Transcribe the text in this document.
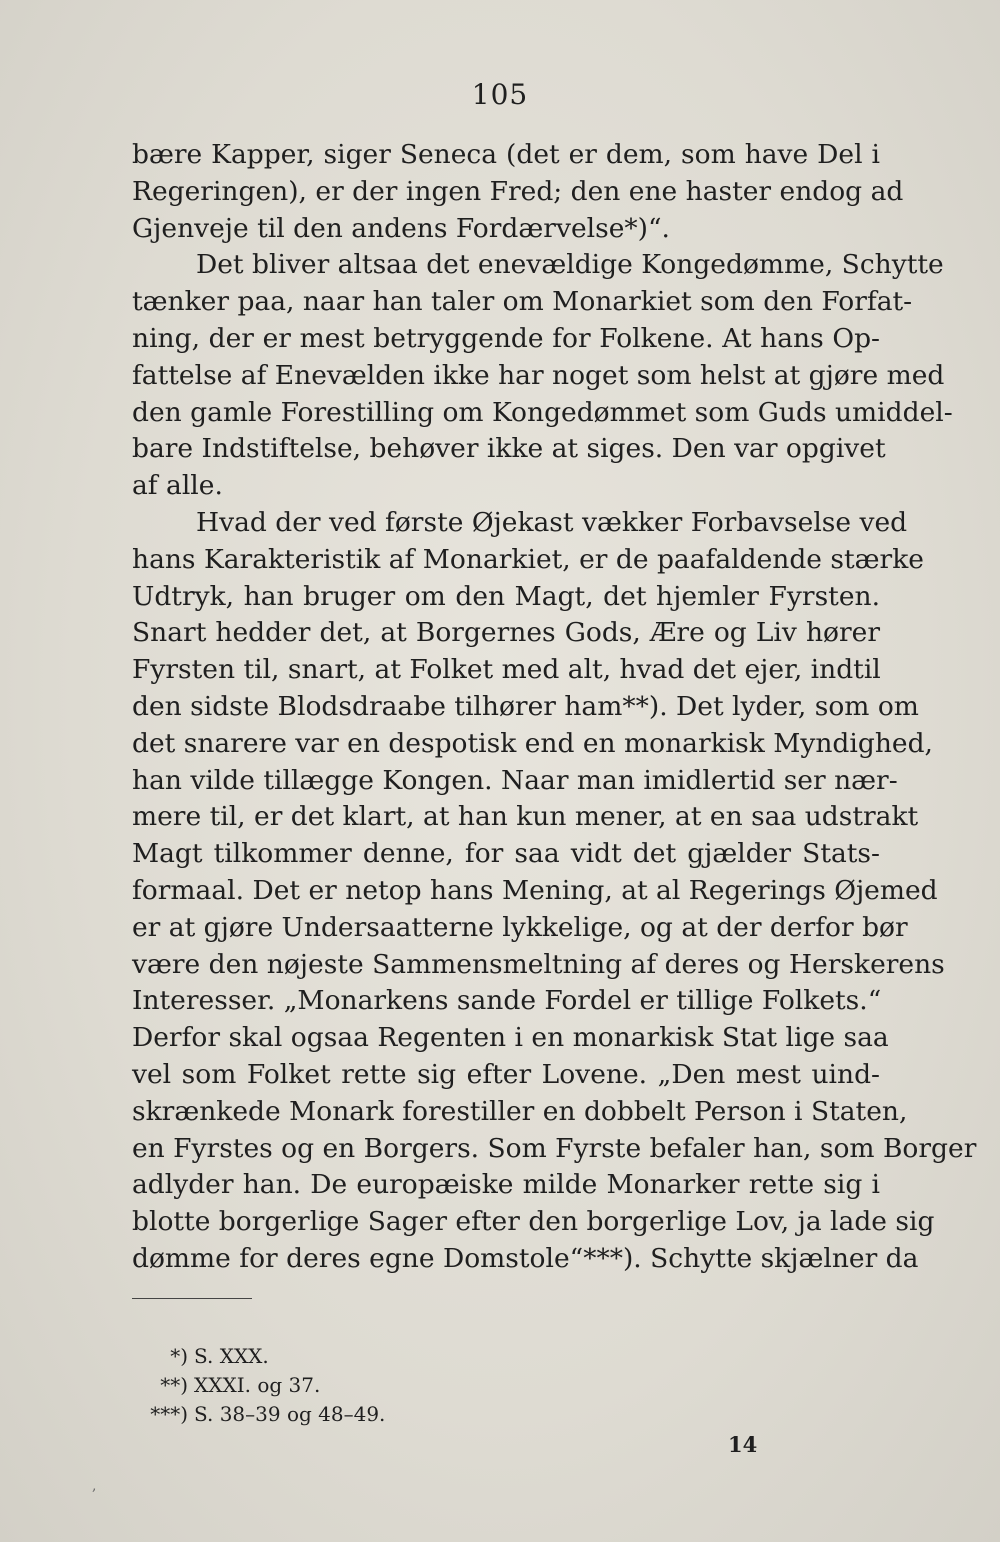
105
bære Kapper, siger Seneca (det er dem, som have Del i
Regeringen), er der ingen Fred; den ene haster endog ad
Gjenveje til den andens Fordærvelse*)“.
Det bliver altsaa det enevældige Kongedømme, Schytte
tænker paa, naar han taler om Monarkiet som den Forfat-
ning, der er mest betryggende for Folkene. At hans Op-
fattelse af Enevælden ikke har noget som helst at gjøre med
den gamle Forestilling om Kongedømmet som Guds umiddel-
bare Indstiftelse, behøver ikke at siges. Den var opgivet
af alle.
Hvad der ved første Øjekast vækker Forbavselse ved
hans Karakteristik af Monarkiet, er de paafaldende stærke
Udtryk, han bruger om den Magt, det hjemler Fyrsten.
Snart hedder det, at Borgernes Gods, Ære og Liv hører
Fyrsten til, snart, at Folket med alt, hvad det ejer, indtil
den sidste Blodsdraabe tilhører ham**). Det lyder, som om
det snarere var en despotisk end en monarkisk Myndighed,
han vilde tillægge Kongen. Naar man imidlertid ser nær-
mere til, er det klart, at han kun mener, at en saa udstrakt
Magt tilkommer denne, for saa vidt det gjælder Stats-
formaal. Det er netop hans Mening, at al Regerings Øjemed
er at gjøre Undersaatterne lykkelige, og at der derfor bør
være den nøjeste Sammensmeltning af deres og Herskerens
Interesser. „Monarkens sande Fordel er tillige Folkets.“
Derfor skal ogsaa Regenten i en monarkisk Stat lige saa
vel som Folket rette sig efter Lovene. „Den mest uind-
skrænkede Monark forestiller en dobbelt Person i Staten,
en Fyrstes og en Borgers. Som Fyrste befaler han, som Borger
adlyder han. De europæiske milde Monarker rette sig i
blotte borgerlige Sager efter den borgerlige Lov, ja lade sig
dømme for deres egne Domstole“***). Schytte skjælner da
*) S. XXX.
**) XXXI. og 37.
***) S. 38–39 og 48–49.
14
,
